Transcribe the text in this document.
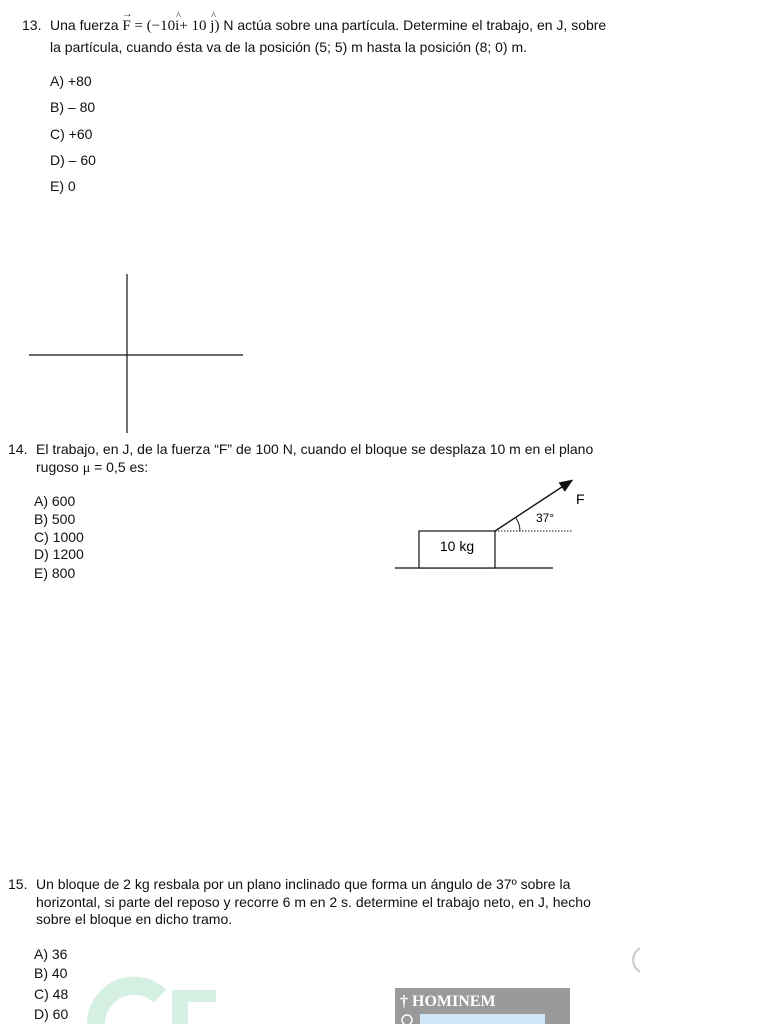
13. Una fuerza → F = (−10^ i+ 10 ^ j) N actúa sobre una partícula. Determine el trabajo, en J, sobre
la partícula, cuando ésta va de la posición (5; 5) m hasta la posición (8; 0) m.
A) +80
B) – 80
C) +60
D) – 60
E) 0
14. El trabajo, en J, de la fuerza “F” de 100 N, cuando el bloque se desplaza 10 m en el plano
rugoso μ = 0,5 es:
A) 600
B) 500
C) 1000
D) 1200
E) 800
10 kg
37°
F
15. Un bloque de 2 kg resbala por un plano inclinado que forma un ángulo de 37º sobre la
horizontal, si parte del reposo y recorre 6 m en 2 s. determine el trabajo neto, en J, hecho
sobre el bloque en dicho tramo.
A) 36
B) 40
C) 48
D) 60
† HOMINEM
